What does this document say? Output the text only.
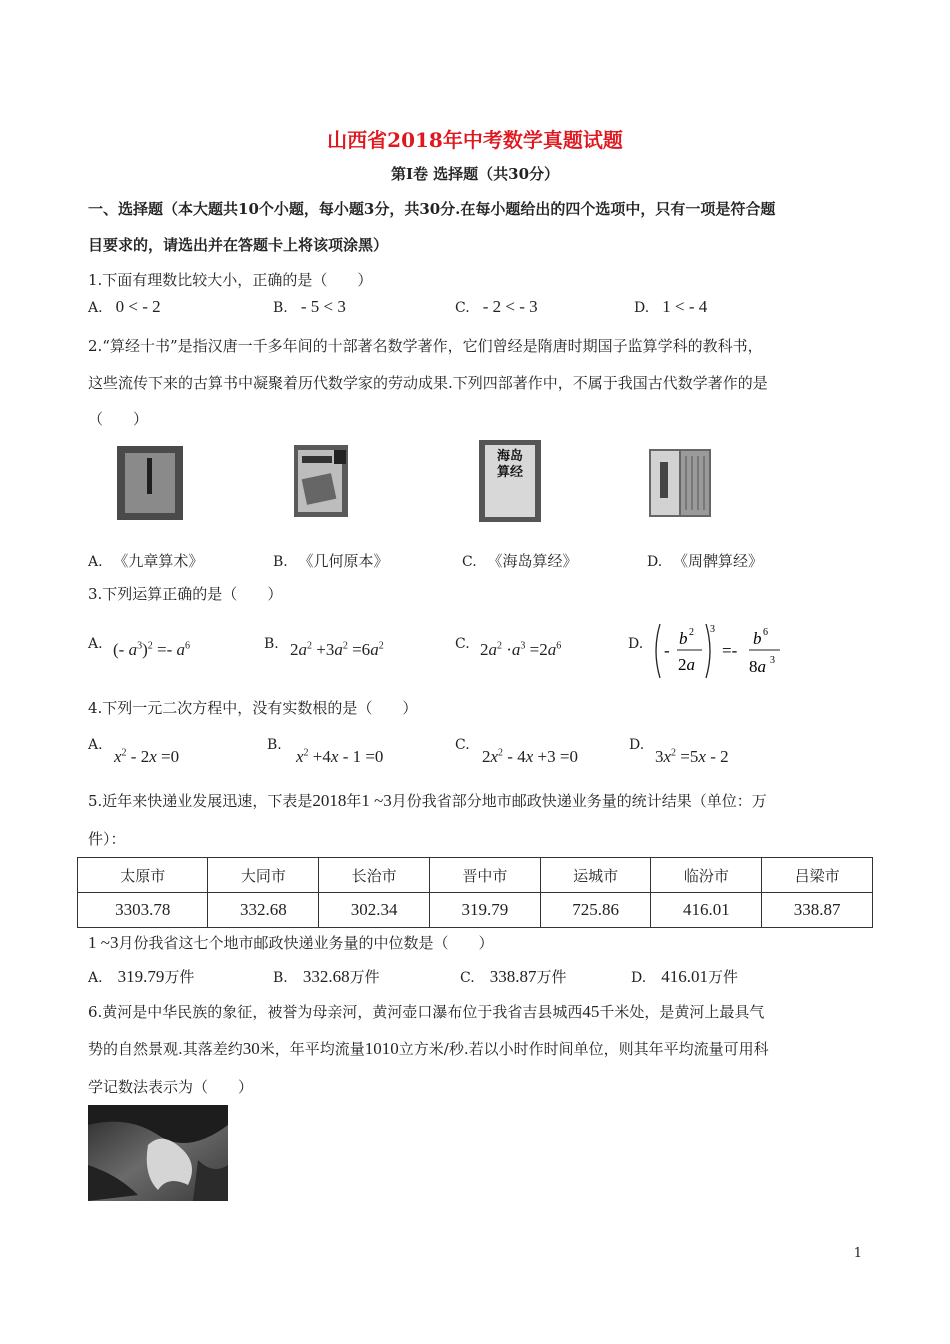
山西省2018年中考数学真题试题
第Ⅰ卷 选择题（共30分）
一、选择题（本大题共10个小题，每小题3分，共30分.在每小题给出的四个选项中，只有一项是符合题
目要求的，请选出并在答题卡上将该项涂黑）
1.下面有理数比较大小，正确的是（　　）
A. 0 < - 2	B. - 5 < 3	C. - 2 < - 3	D. 1 < - 4
2.“算经十书”是指汉唐一千多年间的十部著名数学著作，它们曾经是隋唐时期国子监算学科的教科书，
这些流传下来的古算书中凝聚着历代数学家的劳动成果.下列四部著作中，不属于我国古代数学著作的是
（　　）
海岛算经
A. 《九章算术》	B. 《几何原本》	C. 《海岛算经》	D. 《周髀算经》
3.下列运算正确的是（　　）
A. (- $a^3)^2 =- a^6$	B. $2a^2 +3a^2 =6a^2$	C. $2a^2 \cdot a^3 =2a^6$	D. -
b 2
2a
3
=-
b 6
8a 3
4.下列一元二次方程中，没有实数根的是（　　）
A.
$x^2 - 2x =0$
B.
$x^2 +4x - 1 =0$
C.
$2x^2 - 4x +3 =0$
D.
$3x^2 =5x - 2$
5.近年来快递业发展迅速，下表是2018年1 ~3月份我省部分地市邮政快递业务量的统计结果（单位：万
件）：
太原市	大同市	长治市	晋中市	运城市	临汾市	吕梁市
3303.78	332.68	302.34	319.79	725.86	416.01	338.87
1 ~3月份我省这七个地市邮政快递业务量的中位数是（　　）
A. 319.79万件	B. 332.68万件	C. 338.87万件	D. 416.01万件
6.黄河是中华民族的象征，被誉为母亲河，黄河壶口瀑布位于我省吉县城西45千米处，是黄河上最具气
势的自然景观.其落差约30米，年平均流量1010立方米/秒.若以小时作时间单位，则其年平均流量可用科
学记数法表示为（　　）
1
